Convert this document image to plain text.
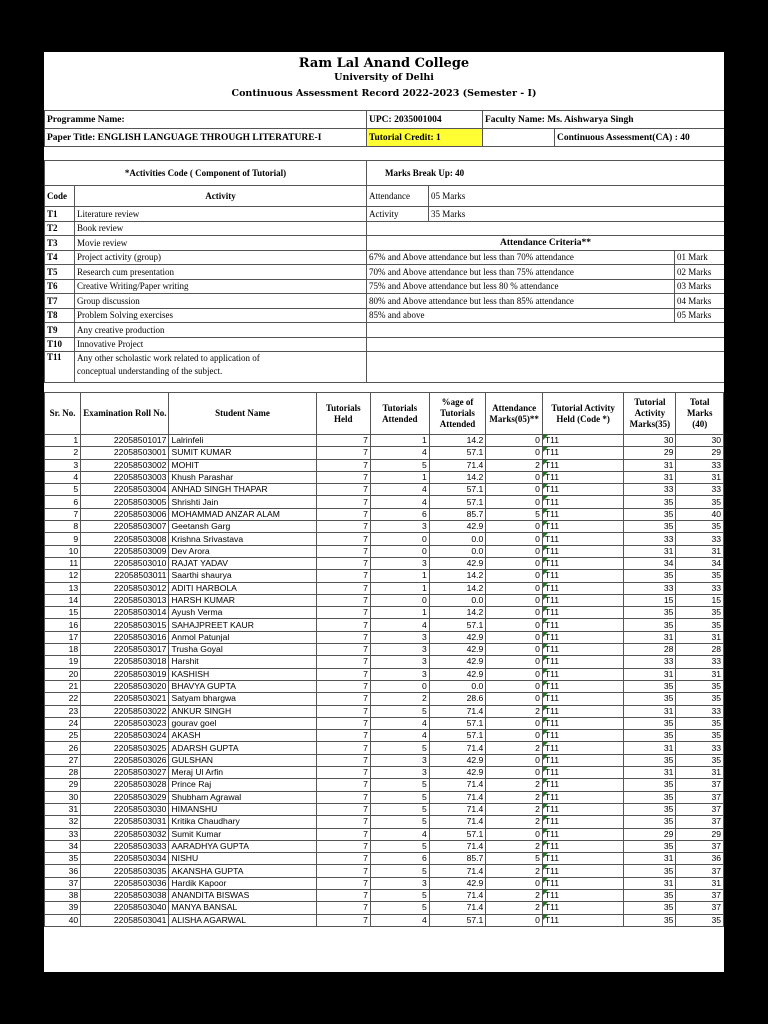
Ram Lal Anand College
University of Delhi
Continuous Assessment Record 2022-2023 (Semester - I)
Programme Name:	UPC: 2035001004	Faculty Name: Ms. Aishwarya Singh	
Paper Title: ENGLISH LANGUAGE THROUGH LITERATURE-I	Tutorial Credit: 1		Continuous Assessment(CA) : 40
*Activities Code ( Component of Tutorial)		Marks Break Up: 40		
Code	Activity	Attendance	05 Marks	
T1	Literature review	Activity	35 Marks	
T2	Book review			
T3	Movie review	Attendance Criteria**		
T4	Project activity (group)	67% and Above attendance but less than 70% attendance		01 Mark
T5	Research cum presentation	70% and Above attendance but less than 75% attendance		02 Marks
T6	Creative Writing/Paper writing	75% and Above attendance but less 80 % attendance		03 Marks
T7	Group discussion	80% and Above attendance but less than 85% attendance		04 Marks
T8	Problem Solving exercises	85% and above		05 Marks
T9	Any creative production			
T10	Innovative Project			
T11	Any other scholastic work related to application of
conceptual understanding of the subject.			

Sr. No.	Examination Roll No.	Student Name	Tutorials Held	Tutorials Attended	%age of Tutorials Attended	Attendance Marks(05)**	Tutorial Activity Held (Code *)	Tutorial Activity Marks(35)	Total Marks (40)
1	22058501017	Lalrinfeli	7	1	14.2	0	T11	30	30
2	22058503001	SUMIT KUMAR	7	4	57.1	0	T11	29	29
3	22058503002	MOHIT	7	5	71.4	2	T11	31	33
4	22058503003	Khush Parashar	7	1	14.2	0	T11	31	31
5	22058503004	ANHAD SINGH THAPAR	7	4	57.1	0	T11	33	33
6	22058503005	Shrishti Jain	7	4	57.1	0	T11	35	35
7	22058503006	MOHAMMAD ANZAR ALAM	7	6	85.7	5	T11	35	40
8	22058503007	Geetansh Garg	7	3	42.9	0	T11	35	35
9	22058503008	Krishna Srivastava	7	0	0.0	0	T11	33	33
10	22058503009	Dev Arora	7	0	0.0	0	T11	31	31
11	22058503010	RAJAT YADAV	7	3	42.9	0	T11	34	34
12	22058503011	Saarthi shaurya	7	1	14.2	0	T11	35	35
13	22058503012	ADITI HARBOLA	7	1	14.2	0	T11	33	33
14	22058503013	HARSH KUMAR	7	0	0.0	0	T11	15	15
15	22058503014	Ayush Verma	7	1	14.2	0	T11	35	35
16	22058503015	SAHAJPREET KAUR	7	4	57.1	0	T11	35	35
17	22058503016	Anmol Patunjal	7	3	42.9	0	T11	31	31
18	22058503017	Trusha Goyal	7	3	42.9	0	T11	28	28
19	22058503018	Harshit	7	3	42.9	0	T11	33	33
20	22058503019	KASHISH	7	3	42.9	0	T11	31	31
21	22058503020	BHAVYA GUPTA	7	0	0.0	0	T11	35	35
22	22058503021	Satyam bhargwa	7	2	28.6	0	T11	35	35
23	22058503022	ANKUR SINGH	7	5	71.4	2	T11	31	33
24	22058503023	gourav goel	7	4	57.1	0	T11	35	35
25	22058503024	AKASH	7	4	57.1	0	T11	35	35
26	22058503025	ADARSH GUPTA	7	5	71.4	2	T11	31	33
27	22058503026	GULSHAN	7	3	42.9	0	T11	35	35
28	22058503027	Meraj Ul Arfin	7	3	42.9	0	T11	31	31
29	22058503028	Prince Raj	7	5	71.4	2	T11	35	37
30	22058503029	Shubham Agrawal	7	5	71.4	2	T11	35	37
31	22058503030	HIMANSHU	7	5	71.4	2	T11	35	37
32	22058503031	Kritika Chaudhary	7	5	71.4	2	T11	35	37
33	22058503032	Sumit Kumar	7	4	57.1	0	T11	29	29
34	22058503033	AARADHYA GUPTA	7	5	71.4	2	T11	35	37
35	22058503034	NISHU	7	6	85.7	5	T11	31	36
36	22058503035	AKANSHA GUPTA	7	5	71.4	2	T11	35	37
37	22058503036	Hardik Kapoor	7	3	42.9	0	T11	31	31
38	22058503038	ANANDITA BISWAS	7	5	71.4	2	T11	35	37
39	22058503040	MANYA BANSAL	7	5	71.4	2	T11	35	37
40	22058503041	ALISHA AGARWAL	7	4	57.1	0	T11	35	35
